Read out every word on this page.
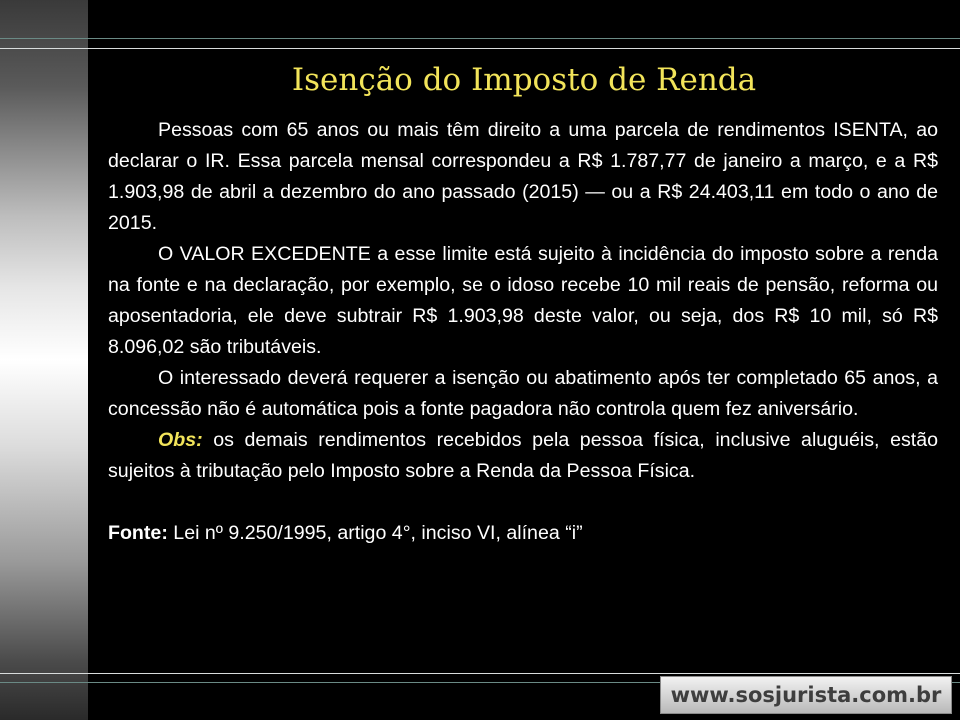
Isenção do Imposto de Renda

Pessoas com 65 anos ou mais têm direito a uma parcela de rendimentos ISENTA, ao declarar o IR. Essa parcela mensal correspondeu a R$ 1.787,77 de janeiro a março, e a R$ 1.903,98 de abril a dezembro do ano passado (2015) — ou a R$ 24.403,11 em todo o ano de 2015.

O VALOR EXCEDENTE a esse limite está sujeito à incidência do imposto sobre a renda na fonte e na declaração, por exemplo, se o idoso recebe 10 mil reais de pensão, reforma ou aposentadoria, ele deve subtrair R$ 1.903,98 deste valor, ou seja, dos R$ 10 mil, só R$ 8.096,02 são tributáveis.

O interessado deverá requerer a isenção ou abatimento após ter completado 65 anos, a concessão não é automática pois a fonte pagadora não controla quem fez aniversário.

Obs: os demais rendimentos recebidos pela pessoa física, inclusive aluguéis, estão sujeitos à tributação pelo Imposto sobre a Renda da Pessoa Física.

Fonte: Lei nº 9.250/1995, artigo 4°, inciso VI, alínea “i”

www.sosjurista.com.br
